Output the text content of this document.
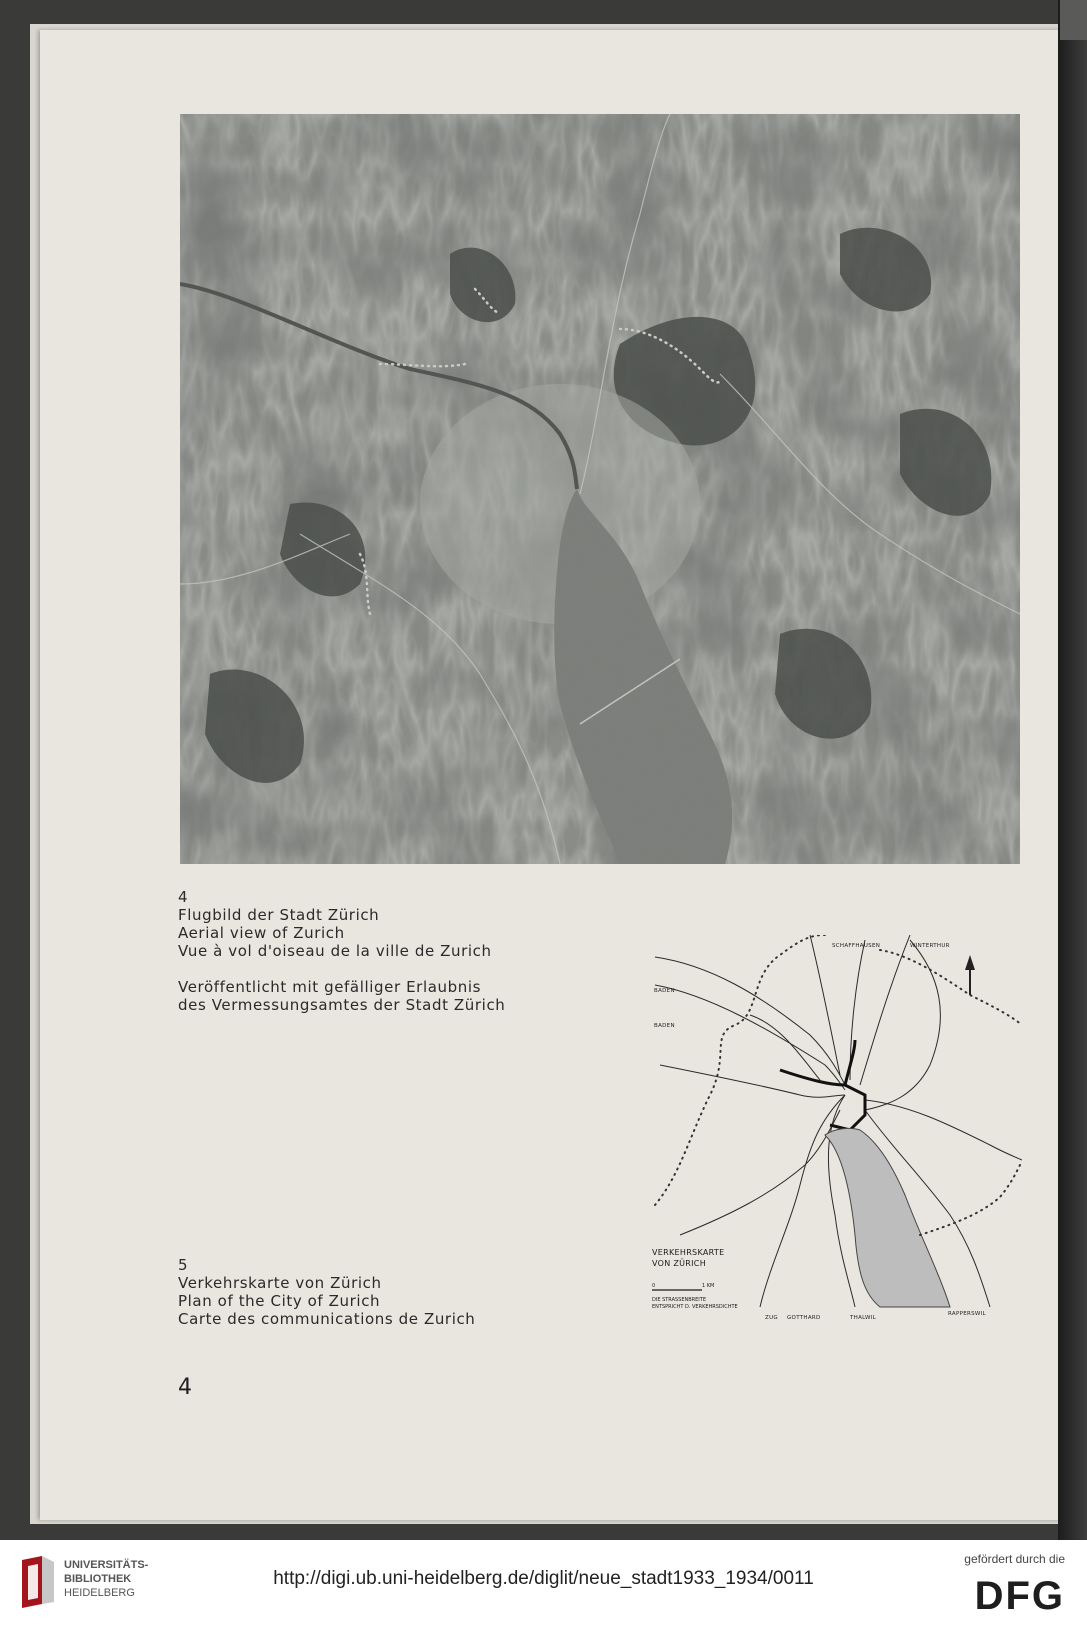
4
Flugbild der Stadt Zürich
Aerial view of Zurich
Vue à vol d'oiseau de la ville de Zurich
Veröffentlicht mit gefälliger Erlaubnis
des Vermessungsamtes der Stadt Zürich
SCHAFFHAUSEN	WINTERTHUR
BADEN
BADEN
ZUG GOTTHARD	THALWIL
RAPPERSWIL
VERKEHRSKARTE
VON ZÜRICH
0	1 KM
DIE STRASSENBREITE
ENTSPRICHT D. VERKEHRSDICHTE
5
Verkehrskarte von Zürich
Plan of the City of Zurich
Carte des communications de Zurich
4
UNIVERSITÄTS-
BIBLIOTHEK
HEIDELBERG
http://digi.ub.uni-heidelberg.de/diglit/neue_stadt1933_1934/0011
gefördert durch die
DFG
